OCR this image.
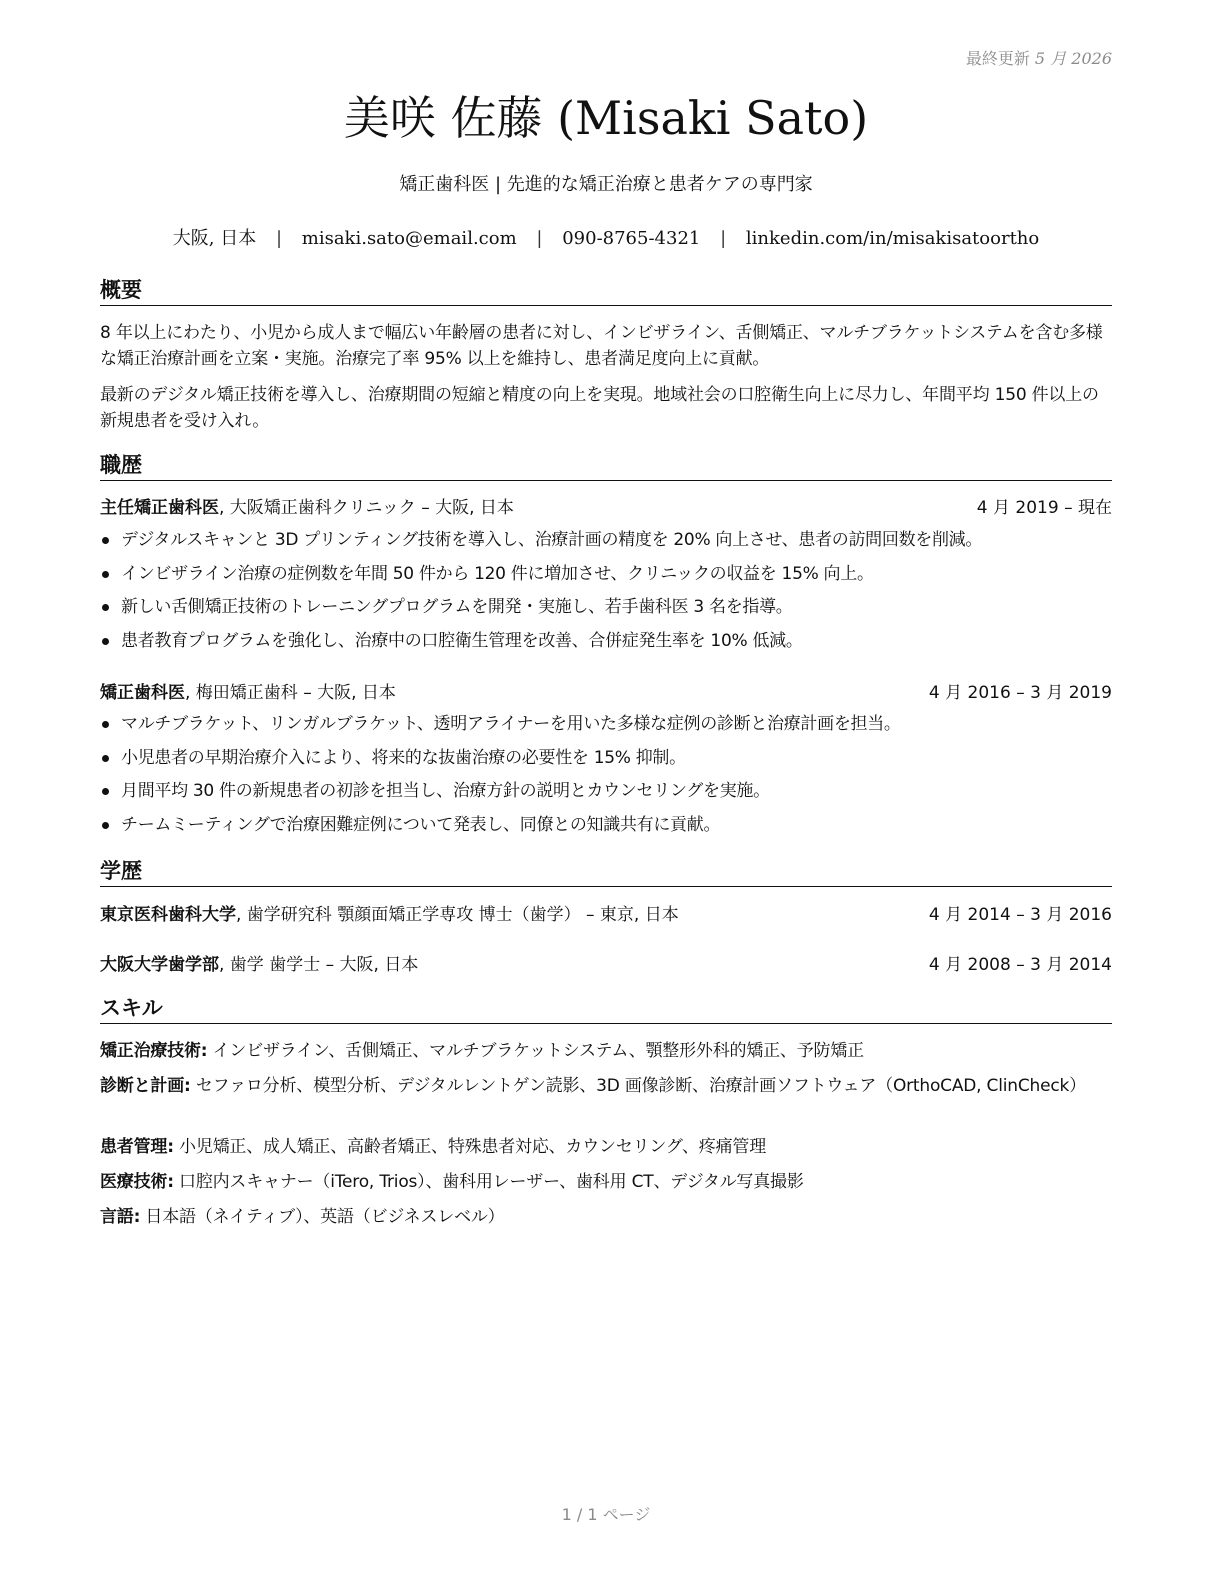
最終更新 5 月 2026
美咲 佐藤 (Misaki Sato)
矯正歯科医 | 先進的な矯正治療と患者ケアの専門家
大阪, 日本 | misaki.sato@email.com | 090-8765-4321 | linkedin.com/in/misakisatoortho
概要
8 年以上にわたり、小児から成人まで幅広い年齢層の患者に対し、インビザライン、舌側矯正、マルチブラケットシステムを含む多様な矯正治療計画を立案・実施。治療完了率 95% 以上を維持し、患者満足度向上に貢献。
最新のデジタル矯正技術を導入し、治療期間の短縮と精度の向上を実現。地域社会の口腔衛生向上に尽力し、年間平均 150 件以上の新規患者を受け入れ。
職歴
主任矯正歯科医, 大阪矯正歯科クリニック – 大阪, 日本	4 月 2019 – 現在
デジタルスキャンと 3D プリンティング技術を導入し、治療計画の精度を 20% 向上させ、患者の訪問回数を削減。
インビザライン治療の症例数を年間 50 件から 120 件に増加させ、クリニックの収益を 15% 向上。
新しい舌側矯正技術のトレーニングプログラムを開発・実施し、若手歯科医 3 名を指導。
患者教育プログラムを強化し、治療中の口腔衛生管理を改善、合併症発生率を 10% 低減。
矯正歯科医, 梅田矯正歯科 – 大阪, 日本	4 月 2016 – 3 月 2019
マルチブラケット、リンガルブラケット、透明アライナーを用いた多様な症例の診断と治療計画を担当。
小児患者の早期治療介入により、将来的な抜歯治療の必要性を 15% 抑制。
月間平均 30 件の新規患者の初診を担当し、治療方針の説明とカウンセリングを実施。
チームミーティングで治療困難症例について発表し、同僚との知識共有に貢献。
学歴
東京医科歯科大学, 歯学研究科 顎顔面矯正学専攻 博士（歯学） – 東京, 日本	4 月 2014 – 3 月 2016
大阪大学歯学部, 歯学 歯学士 – 大阪, 日本	4 月 2008 – 3 月 2014
スキル
矯正治療技術: インビザライン、舌側矯正、マルチブラケットシステム、顎整形外科的矯正、予防矯正
診断と計画: セファロ分析、模型分析、デジタルレントゲン読影、3D 画像診断、治療計画ソフトウェア（OrthoCAD, ClinCheck）
患者管理: 小児矯正、成人矯正、高齢者矯正、特殊患者対応、カウンセリング、疼痛管理
医療技術: 口腔内スキャナー（iTero, Trios）、歯科用レーザー、歯科用 CT、デジタル写真撮影
言語: 日本語（ネイティブ）、英語（ビジネスレベル）
1 / 1 ページ
